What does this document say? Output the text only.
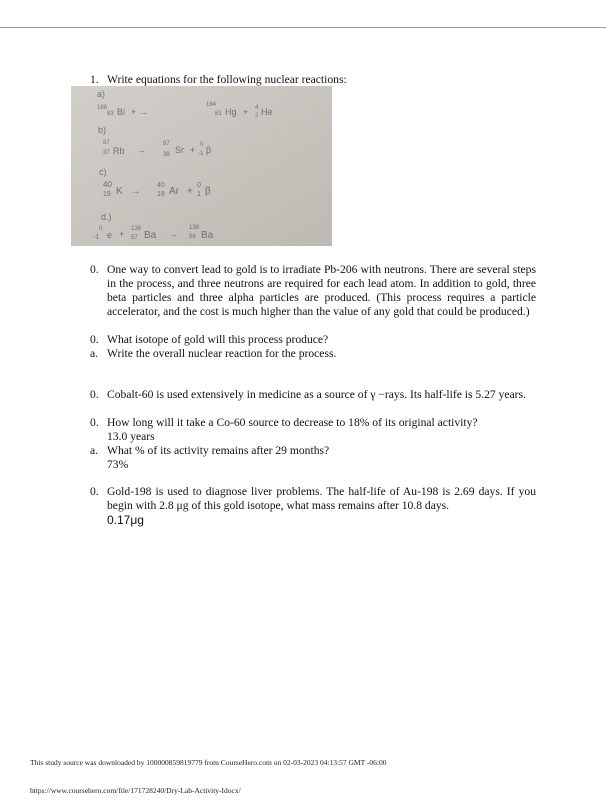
1. Write equations for the following nuclear reactions:
a)
188
83 Bi + →
184
81 Hg + 4
2 He
b)
87
37 Rb →
87
38 Sr + 0
-1 β
c)
40
19 K →
40
18 Ar +
0
1 β
d.)
0
-1 e + 138
57 Ba →
138
56 Ba
0. One way to convert lead to gold is to irradiate Pb-206 with neutrons. There are several steps in the process, and three neutrons are required for each lead atom. In addition to gold, three beta particles and three alpha particles are produced. (This process requires a particle accelerator, and the cost is much higher than the value of any gold that could be produced.)
0. What isotope of gold will this process produce?
a. Write the overall nuclear reaction for the process.
0. Cobalt-60 is used extensively in medicine as a source of γ −rays. Its half-life is 5.27 years.
0. How long will it take a Co-60 source to decrease to 18% of its original activity?
13.0 years
a. What % of its activity remains after 29 months?
73%
0. Gold-198 is used to diagnose liver problems. The half-life of Au-198 is 2.69 days. If you begin with 2.8 μg of this gold isotope, what mass remains after 10.8 days.
0.17μg
This study source was downloaded by 100000859819779 from CourseHero.com on 02-03-2023 04:13:57 GMT -06:00
https://www.coursehero.com/file/171728240/Dry-Lab-Activity-Idocx/
